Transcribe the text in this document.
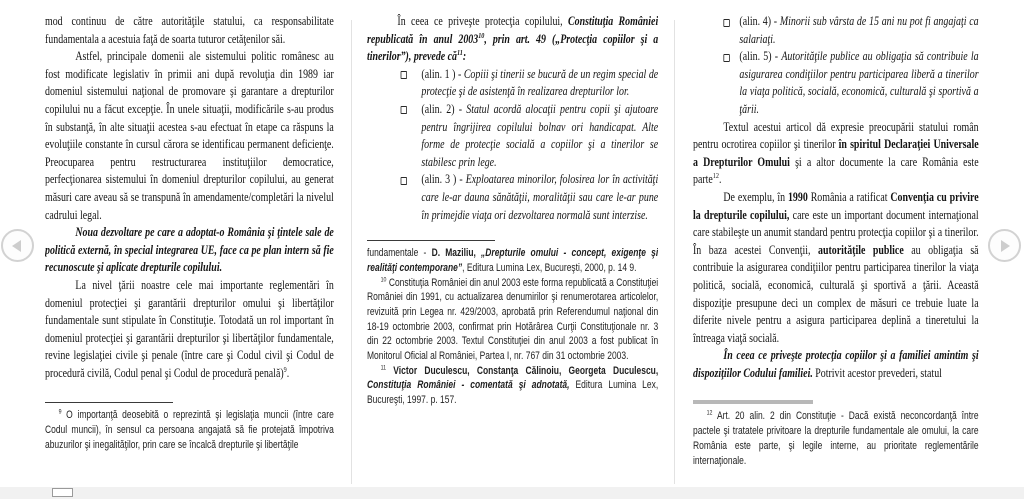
mod continuu de către autorităţile statului, ca responsabilitate fundamentala a acestuia faţă de soarta tuturor cetăţenilor săi.
Astfel, principale domenii ale sistemului politic românesc au fost modificate legislativ în primii ani după revoluţia din 1989 iar domeniul sistemului naţional de promovare şi garantare a drepturilor copilului nu a făcut excepţie. În unele situaţii, modificările s-au produs în substanţă, în alte situaţii acestea s-au efectuat în etape ca răspuns la evoluţiile constante în cursul cărora se identificau permanent deficienţe. Preocuparea pentru restructurarea instituţiilor democratice, perfecţionarea sistemului în domeniul drepturilor copilului, au generat măsuri care aveau să se transpună în amendamente/completări la nivelul cadrului legal.
Noua dezvoltare pe care a adoptat-o România şi ţintele sale de politică externă, în special integrarea UE, face ca pe plan intern să fie recunoscute şi aplicate drepturile copilului.
La nivel ţării noastre cele mai importante reglementări în domeniul protecţiei şi garantării drepturilor omului şi libertăţilor fundamentale sunt stipulate în Constituţie. Totodată un rol important în domeniul protecţiei şi garantării drepturilor şi libertăţilor fundamentale, revine legislaţiei civile şi penale (între care şi Codul civil şi Codul de procedură civilă, Codul penal şi Codul de procedură penală)$^9$.
$^9$ O importanţă deosebită o reprezintă şi legislaţia muncii (între care Codul muncii), în sensul ca persoana angajată să fie protejată împotriva abuzurilor şi inegalităţilor, prin care se încalcă drepturile şi libertăţile
În ceea ce priveşte protecţia copilului, Constituţia României republicată în anul 2003$^{10}$, prin art. 49 („Protecţia copiilor şi a tinerilor”), prevede $că^{11}$:
(alin. 1 ) - Copiii şi tinerii se bucură de un regim special de protecţie şi de asistenţă în realizarea drepturilor lor.
(alin. 2) - Statul acordă alocaţii pentru copii şi ajutoare pentru îngrijirea copilului bolnav ori handicapat. Alte forme de protecţie socială a copiilor şi a tinerilor se stabilesc prin lege.
(alin. 3 ) - Exploatarea minorilor, folosirea lor în activităţi care le-ar dauna sănătăţii, moralităţii sau care le-ar pune în primejdie viaţa ori dezvoltarea normală sunt interzise.
fundamentale - D. Maziliu, „Drepturile omului - concept, exigenţe şi realităţi contemporane”, Editura Lumina Lex, Bucureşti, 2000, p. 14 9.
$^{10}$ Constituţia României din anul 2003 este forma republicată a Constituţiei României din 1991, cu actualizarea denumirilor şi renumerotarea articolelor, revizuită prin Legea nr. 429/2003, aprobată prin Referendumul naţional din 18-19 octombrie 2003, confirmat prin Hotărârea Curţii Constituţionale nr. 3 din 22 octombrie 2003. Textul Constituţiei din anul 2003 a fost publicat în Monitorul Oficial al României, Partea I, nr. 767 din 31 octombrie 2003.
$^{11}$ Victor Duculescu, Constanţa Călinoiu, Georgeta Duculescu, Constituţia României - comentată şi adnotată, Editura Lumina Lex, Bucureşti, 1997. p. 157.
(alin. 4) - Minorii sub vârsta de 15 ani nu pot fi angajaţi ca salariaţi.
(alin. 5) - Autorităţile publice au obligaţia să contribuie la asigurarea condiţiilor pentru participarea liberă a tinerilor la viaţa politică, socială, economică, culturală şi sportivă a ţării.
Textul acestui articol dă expresie preocupării statului român pentru ocrotirea copiilor şi tinerilor în spiritul Declaraţiei Universale a Drepturilor Omului şi a altor documente la care România este parte$^{12}$.
De exemplu, în 1990 România a ratificat Convenţia cu privire la drepturile copilului, care este un important document internaţional care stabileşte un anumit standard pentru protecţia copiilor şi a tinerilor. În baza acestei Convenţii, autorităţile publice au obligaţia să contribuie la asigurarea condiţiilor pentru participarea tinerilor la viaţa politică, socială, economică, culturală şi sportivă a ţării. Această dispoziţie presupune deci un complex de măsuri ce trebuie luate la diferite nivele pentru a asigura participarea deplină a tineretului la întreaga viaţă socială.
În ceea ce priveşte protecţia copiilor şi a familiei amintim şi dispoziţiilor Codului familiei. Potrivit acestor prevederi, statul
$^{12}$ Art. 20 alin. 2 din Constituţie - Dacă există neconcordanţă între pactele şi tratatele privitoare la drepturile fundamentale ale omului, la care România este parte, şi legile interne, au prioritate reglementările internaţionale.
